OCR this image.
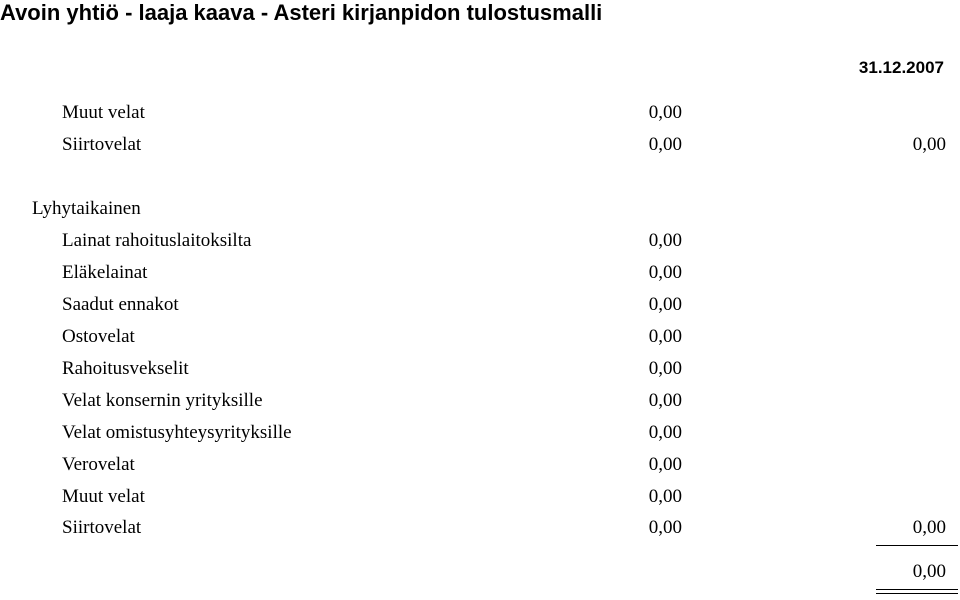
Avoin yhtiö - laaja kaava - Asteri kirjanpidon tulostusmalli
31.12.2007
Muut velat	0,00
Siirtovelat	0,00	0,00
Lyhytaikainen
Lainat rahoituslaitoksilta	0,00
Eläkelainat	0,00
Saadut ennakot	0,00
Ostovelat	0,00
Rahoitusvekselit	0,00
Velat konsernin yrityksille	0,00
Velat omistusyhteysyrityksille	0,00
Verovelat	0,00
Muut velat	0,00
Siirtovelat	0,00	0,00
0,00
